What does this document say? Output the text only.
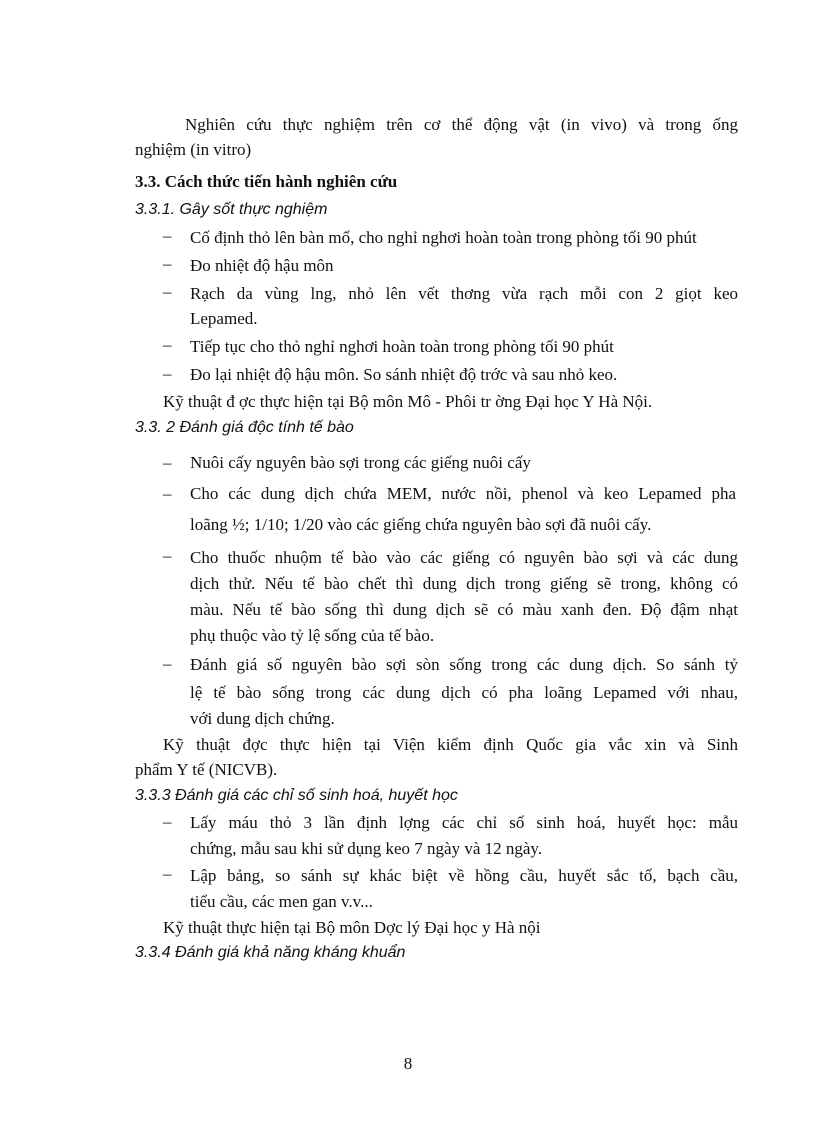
Nghiên cứu thực nghiệm trên cơ thể động vật (in vivo) và trong ống
nghiệm (in vitro)
3.3. Cách thức tiến hành nghiên cứu
3.3.1. Gây sốt thực nghiệm
– Cố định thỏ lên bàn mổ, cho nghỉ nghơi hoàn toàn trong phòng tối 90 phút
– Đo nhiệt độ hậu môn
– Rạch da vùng lng, nhỏ lên vết thơng vừa rạch mỗi con 2 giọt keo
Lepamed.
– Tiếp tục cho thỏ nghỉ nghơi hoàn toàn trong phòng tối 90 phút
– Đo lại nhiệt độ hậu môn. So sánh nhiệt độ trớc và sau nhỏ keo.
Kỹ thuật đ ợc thực hiện tại Bộ môn Mô - Phôi tr ờng Đại học Y Hà Nội.
3.3. 2 Đánh giá độc tính tế bào
– Nuôi cấy nguyên bào sợi trong các giếng nuôi cấy
– Cho các dung dịch chứa MEM, nước nồi, phenol và keo Lepamed pha
loãng ½; 1/10; 1/20 vào các giếng chứa nguyên bào sợi đã nuôi cấy.
– Cho thuốc nhuộm tế bào vào các giếng có nguyên bào sợi và các dung
dịch thử. Nếu tế bào chết thì dung dịch trong giếng sẽ trong, không có
màu. Nếu tế bào sống thì dung dịch sẽ có màu xanh đen. Độ đậm nhạt
phụ thuộc vào tỷ lệ sống của tế bào.
– Đánh giá số nguyên bào sợi sòn sống trong các dung dịch. So sánh tỷ
lệ tế bào sống trong các dung dịch có pha loãng Lepamed với nhau,
với dung dịch chứng.
Kỹ thuật đợc thực hiện tại Viện kiểm định Quốc gia vắc xin và Sinh
phẩm Y tế (NICVB).
3.3.3 Đánh giá các chỉ số sinh hoá, huyết học
– Lấy máu thỏ 3 lần định lợng các chỉ số sinh hoá, huyết học: mẫu
chứng, mẫu sau khi sử dụng keo 7 ngày và 12 ngày.
– Lập bảng, so sánh sự khác biệt về hồng cầu, huyết sắc tố, bạch cầu,
tiểu cầu, các men gan v.v...
Kỹ thuật thực hiện tại Bộ môn Dợc lý Đại học y Hà nội
3.3.4 Đánh giá khả năng kháng khuẩn
8
